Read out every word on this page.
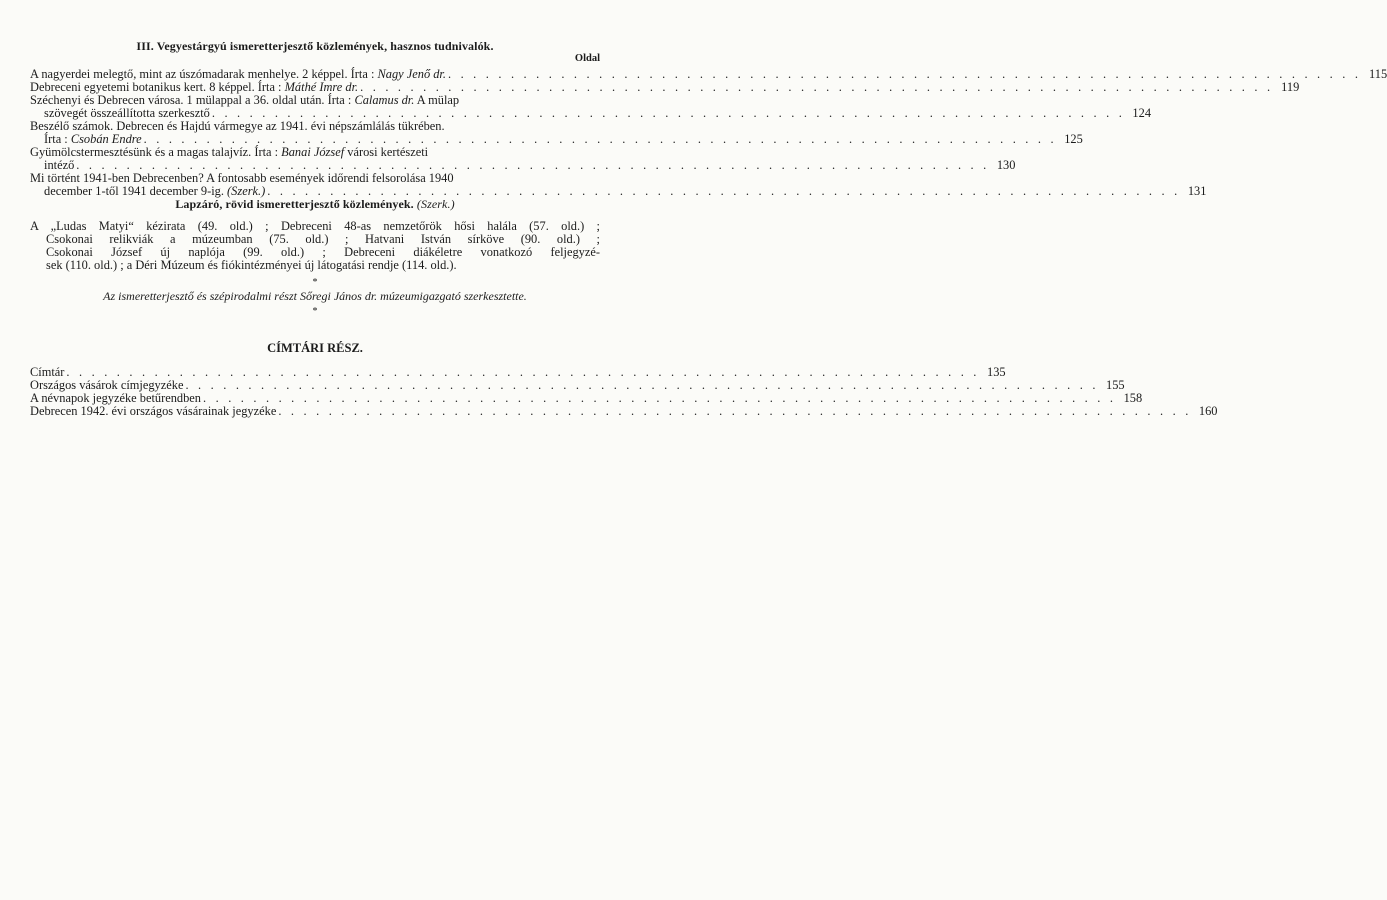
III. Vegyestárgyú ismeretterjesztő közlemények, hasznos tudnivalók.
Oldal
A nagyerdei melegtő, mint az úszómadarak menhelye. 2 képpel. Írta : Nagy Jenő dr. . . . . . . . . . . . . . . . . . . . . . . . . . . . . . . . . . . . . . . . . . . . . . . . . . . . . . . . . . . . . . . . . . . . . . . . . . 115
Debreceni egyetemi botanikus kert. 8 képpel. Írta : Máthé Imre dr. . . . . . . . . . . . . . . . . . . . . . . . . . . . . . . . . . . . . . . . . . . . . . . . . . . . . . . . . . . . . . . . . . . . . . . . . . 119
Széchenyi és Debrecen városa. 1 mülappal a 36. oldal után. Írta : Calamus dr. A mülap
szövegét összeállította szerkesztő . . . . . . . . . . . . . . . . . . . . . . . . . . . . . . . . . . . . . . . . . . . . . . . . . . . . . . . . . . . . . . . . . . . . . . . . . 124
Beszélő számok. Debrecen és Hajdú vármegye az 1941. évi népszámlálás tükrében.
Írta : Csobán Endre . . . . . . . . . . . . . . . . . . . . . . . . . . . . . . . . . . . . . . . . . . . . . . . . . . . . . . . . . . . . . . . . . . . . . . . . . 125
Gyümölcstermesztésünk és a magas talajvíz. Írta : Banai József városi kertészeti
intéző . . . . . . . . . . . . . . . . . . . . . . . . . . . . . . . . . . . . . . . . . . . . . . . . . . . . . . . . . . . . . . . . . . . . . . . . . 130
Mi történt 1941-ben Debrecenben? A fontosabb események időrendi felsorolása 1940
december 1-től 1941 december 9-ig. (Szerk.) . . . . . . . . . . . . . . . . . . . . . . . . . . . . . . . . . . . . . . . . . . . . . . . . . . . . . . . . . . . . . . . . . . . . . . . . . 131
Lapzáró, rövid ismeretterjesztő közlemények. (Szerk.)
A „Ludas Matyi“ kézirata (49. old.) ; Debreceni 48-as nemzetőrök hősi halála (57. old.) ;
Csokonai relikviák a múzeumban (75. old.) ; Hatvani István sírköve (90. old.) ;
Csokonai József új naplója (99. old.) ; Debreceni diákéletre vonatkozó feljegyzé-
sek (110. old.) ; a Déri Múzeum és fiókintézményei új látogatási rendje (114. old.).
*
Az ismeretterjesztő és szépirodalmi részt Sőregi János dr. múzeumigazgató szerkesztette.
*
CÍMTÁRI RÉSZ.
Címtár . . . . . . . . . . . . . . . . . . . . . . . . . . . . . . . . . . . . . . . . . . . . . . . . . . . . . . . . . . . . . . . . . . . . . . . . . 135
Országos vásárok címjegyzéke . . . . . . . . . . . . . . . . . . . . . . . . . . . . . . . . . . . . . . . . . . . . . . . . . . . . . . . . . . . . . . . . . . . . . . . . . 155
A névnapok jegyzéke betűrendben . . . . . . . . . . . . . . . . . . . . . . . . . . . . . . . . . . . . . . . . . . . . . . . . . . . . . . . . . . . . . . . . . . . . . . . . . 158
Debrecen 1942. évi országos vásárainak jegyzéke . . . . . . . . . . . . . . . . . . . . . . . . . . . . . . . . . . . . . . . . . . . . . . . . . . . . . . . . . . . . . . . . . . . . . . . . . 160
